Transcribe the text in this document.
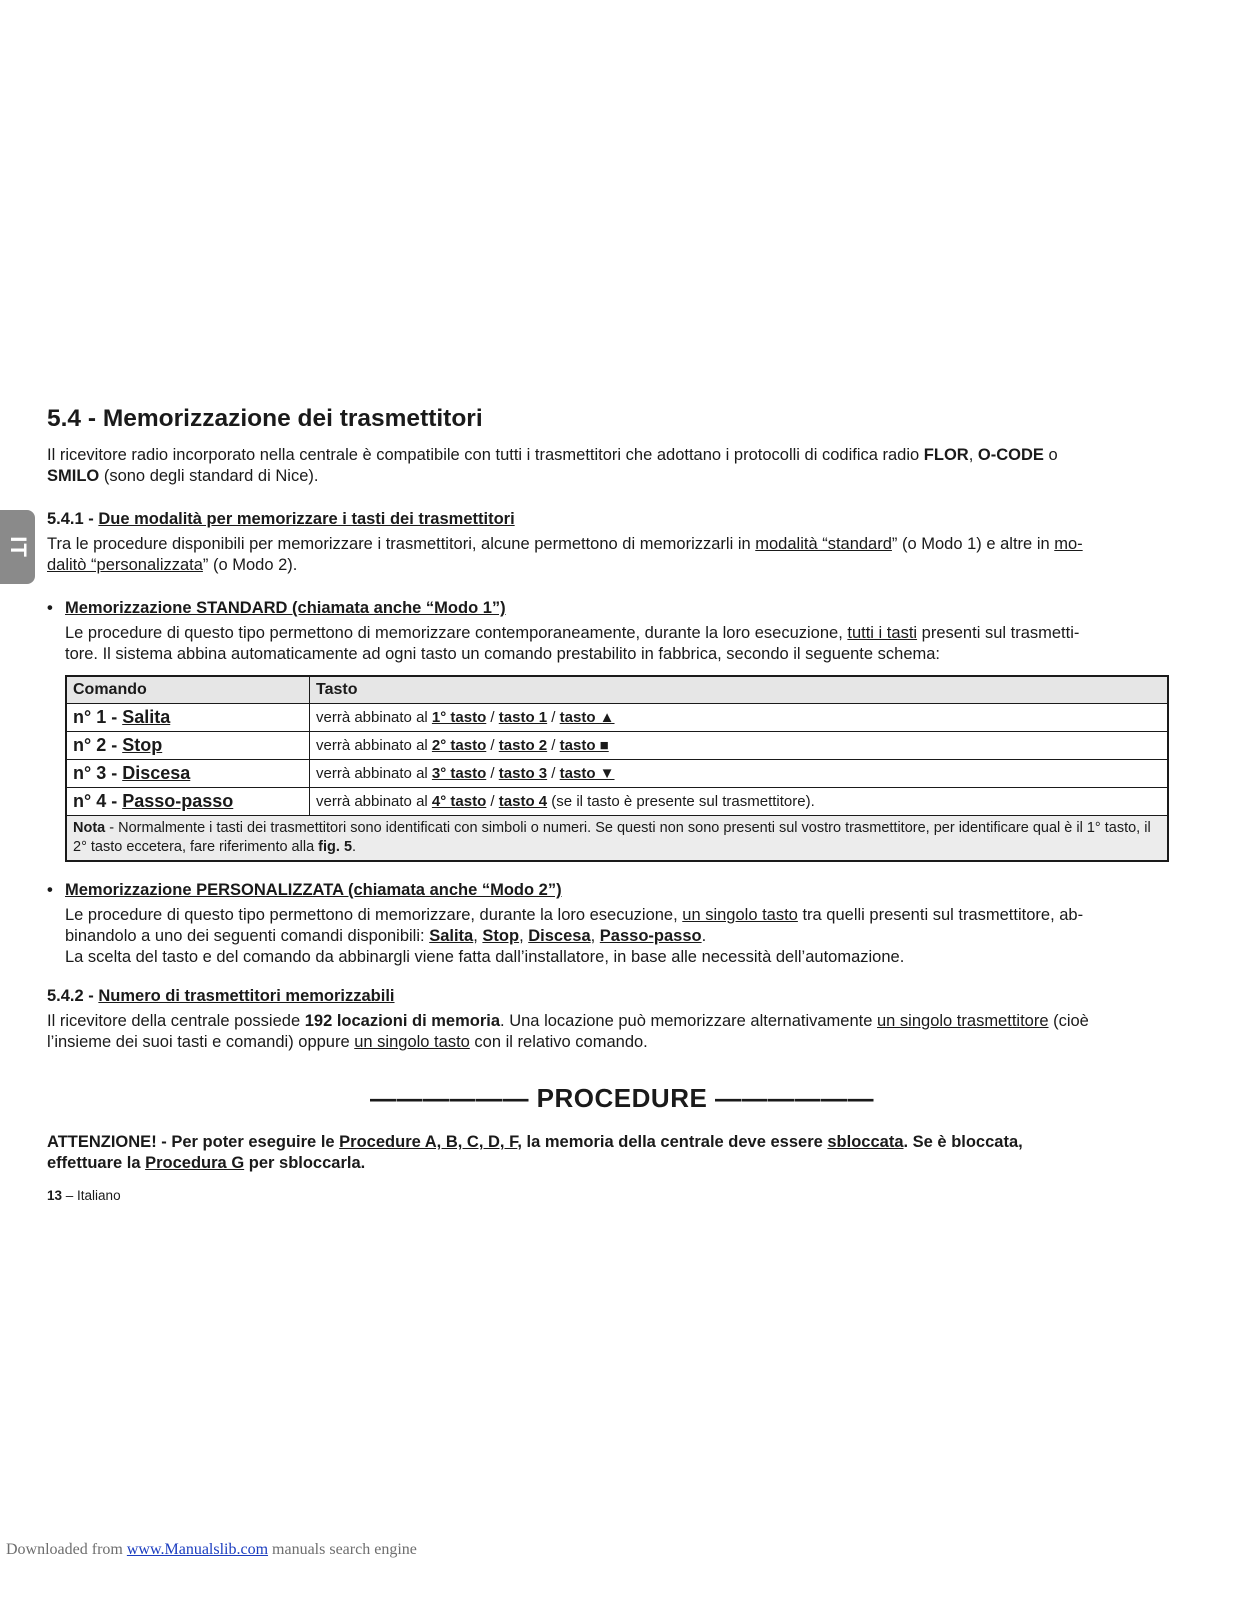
IT
5.4 - Memorizzazione dei trasmettitori

Il ricevitore radio incorporato nella centrale è compatibile con tutti i trasmettitori che adottano i protocolli di codifica radio FLOR, O-CODE o
SMILO (sono degli standard di Nice).

5.4.1 - Due modalità per memorizzare i tasti dei trasmettitori

Tra le procedure disponibili per memorizzare i trasmettitori, alcune permettono di memorizzarli in modalità “standard” (o Modo 1) e altre in mo-
dalitò “personalizzata” (o Modo 2).

• Memorizzazione STANDARD (chiamata anche “Modo 1”)

Le procedure di questo tipo permettono di memorizzare contemporaneamente, durante la loro esecuzione, tutti i tasti presenti sul trasmetti-
tore. Il sistema abbina automaticamente ad ogni tasto un comando prestabilito in fabbrica, secondo il seguente schema:

Comando	Tasto
n° 1 - Salita	verrà abbinato al 1° tasto / tasto 1 / tasto ▲
n° 2 - Stop	verrà abbinato al 2° tasto / tasto 2 / tasto ■
n° 3 - Discesa	verrà abbinato al 3° tasto / tasto 3 / tasto ▼
n° 4 - Passo-passo	verrà abbinato al 4° tasto / tasto 4 (se il tasto è presente sul trasmettitore).
Nota - Normalmente i tasti dei trasmettitori sono identificati con simboli o numeri. Se questi non sono presenti sul vostro trasmettitore, per identificare qual è il 1° tasto, il 2° tasto eccetera, fare riferimento alla fig. 5.	
• Memorizzazione PERSONALIZZATA (chiamata anche “Modo 2”)

Le procedure di questo tipo permettono di memorizzare, durante la loro esecuzione, un singolo tasto tra quelli presenti sul trasmettitore, ab-
binandolo a uno dei seguenti comandi disponibili: Salita, Stop, Discesa, Passo-passo.
La scelta del tasto e del comando da abbinargli viene fatta dall’installatore, in base alle necessità dell’automazione.

5.4.2 - Numero di trasmettitori memorizzabili

Il ricevitore della centrale possiede 192 locazioni di memoria. Una locazione può memorizzare alternativamente un singolo trasmettitore (cioè
l’insieme dei suoi tasti e comandi) oppure un singolo tasto con il relativo comando.

—————— PROCEDURE ——————

ATTENZIONE! - Per poter eseguire le Procedure A, B, C, D, F, la memoria della centrale deve essere sbloccata. Se è bloccata,
effettuare la Procedura G per sbloccarla.

13 – Italiano
Downloaded from www.Manualslib.com manuals search engine
